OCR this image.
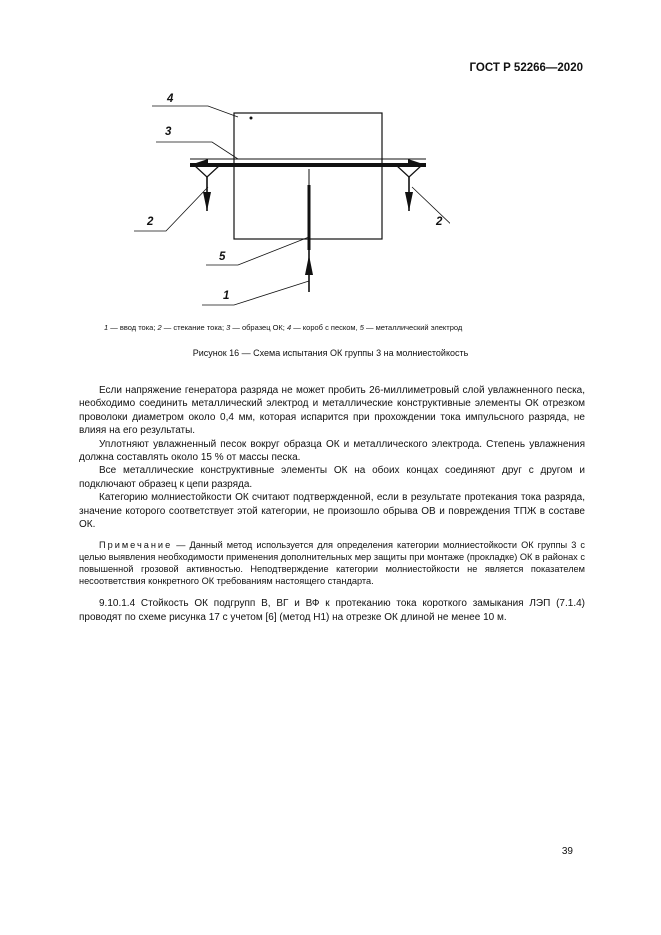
ГОСТ Р 52266—2020
4
3
2	2
5
1
1 — ввод тока; 2 — стекание тока; 3 — образец ОК; 4 — короб с песком, 5 — металлический электрод
Рисунок 16 — Схема испытания ОК группы 3 на молниестойкость

Если напряжение генератора разряда не может пробить 26-миллиметровый слой увлажненного песка, необходимо соединить металлический электрод и металлические конструктивные элементы ОК отрезком проволоки диаметром около 0,4 мм, которая испарится при прохождении тока импульсного разряда, не влияя на его результаты.

Уплотняют увлажненный песок вокруг образца ОК и металлического электрода. Степень увлажнения должна составлять около 15 % от массы песка.

Все металлические конструктивные элементы ОК на обоих концах соединяют друг с другом и подключают образец к цепи разряда.

Категорию молниестойкости ОК считают подтвержденной, если в результате протекания тока разряда, значение которого соответствует этой категории, не произошло обрыва ОВ и повреждения ТПЖ в составе ОК.

Примечание — Данный метод используется для определения категории молниестойкости ОК группы 3 с целью выявления необходимости применения дополнительных мер защиты при монтаже (прокладке) ОК в районах с повышенной грозовой активностью. Неподтверждение категории молниестойкости не является показателем несоответствия конкретного ОК требованиям настоящего стандарта.

9.10.1.4 Стойкость ОК подгрупп В, ВГ и ВФ к протеканию тока короткого замыкания ЛЭП (7.1.4) проводят по схеме рисунка 17 с учетом [6] (метод Н1) на отрезке ОК длиной не менее 10 м.

39
